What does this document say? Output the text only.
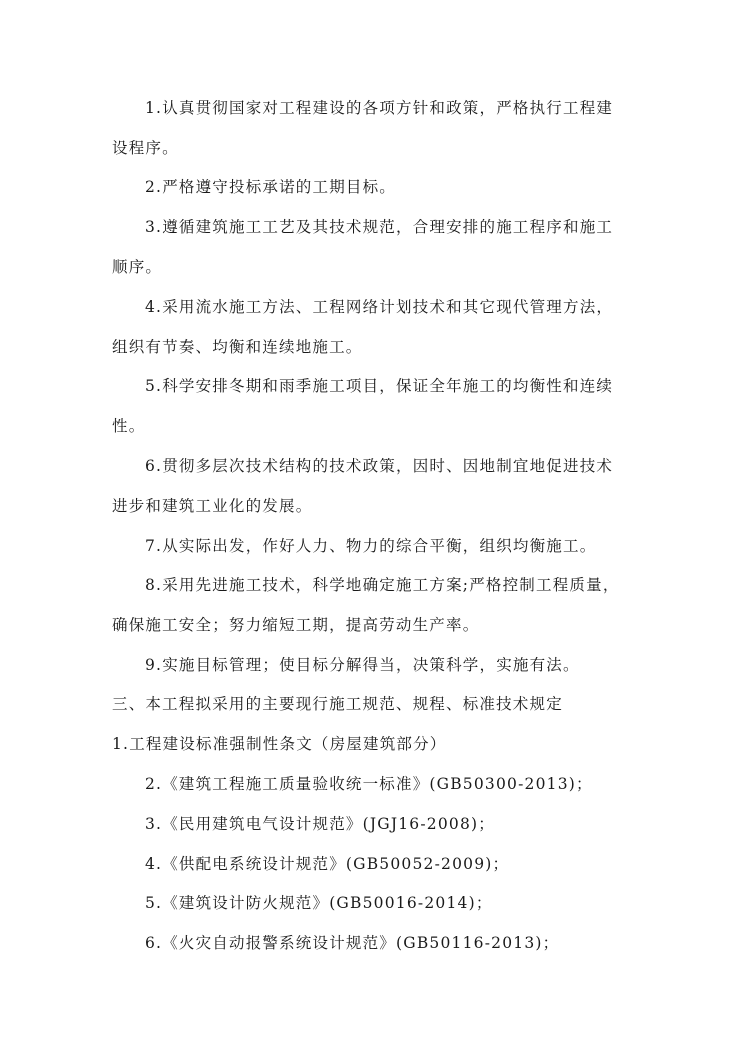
1.认真贯彻国家对工程建设的各项方针和政策，严格执行工程建
设程序。
2.严格遵守投标承诺的工期目标。
3.遵循建筑施工工艺及其技术规范，合理安排的施工程序和施工
顺序。
4.采用流水施工方法、工程网络计划技术和其它现代管理方法，
组织有节奏、均衡和连续地施工。
5.科学安排冬期和雨季施工项目，保证全年施工的均衡性和连续
性。
6.贯彻多层次技术结构的技术政策，因时、因地制宜地促进技术
进步和建筑工业化的发展。
7.从实际出发，作好人力、物力的综合平衡，组织均衡施工。
8.采用先进施工技术，科学地确定施工方案;严格控制工程质量，
确保施工安全；努力缩短工期，提高劳动生产率。
9.实施目标管理；使目标分解得当，决策科学，实施有法。
三、本工程拟采用的主要现行施工规范、规程、标准技术规定
1.工程建设标准强制性条文（房屋建筑部分）
2.《建筑工程施工质量验收统一标准》(GB50300-2013)；
3.《民用建筑电气设计规范》(JGJ16-2008)；
4.《供配电系统设计规范》(GB50052-2009)；
5.《建筑设计防火规范》(GB50016-2014)；
6.《火灾自动报警系统设计规范》(GB50116-2013)；
